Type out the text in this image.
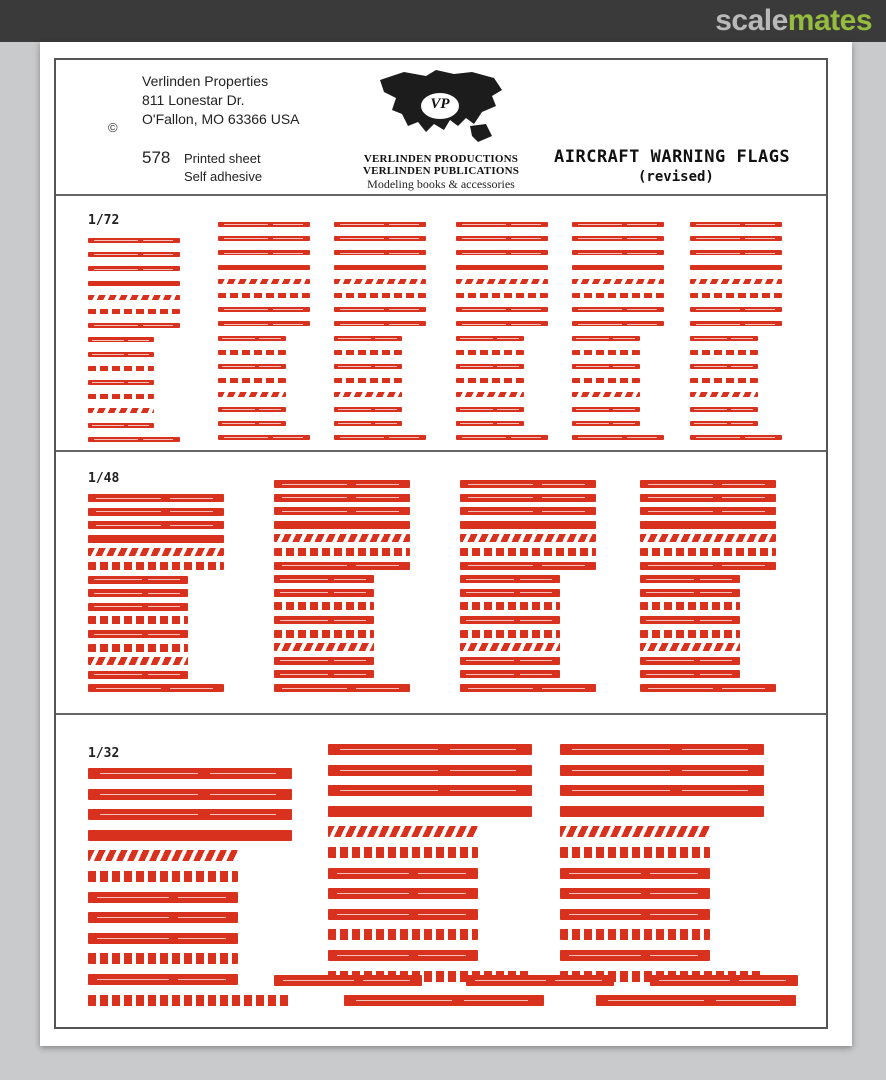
scalemates
Verlinden Properties
811 Lonestar Dr.
O'Fallon, MO 63366 USA
©
578 Printed sheet
Self adhesive
VP
the scale of art
VERLINDEN PRODUCTIONS
VERLINDEN PUBLICATIONS
Modeling books & accessories
AIRCRAFT WARNING FLAGS
(revised)
1/72
1/48
1/32
